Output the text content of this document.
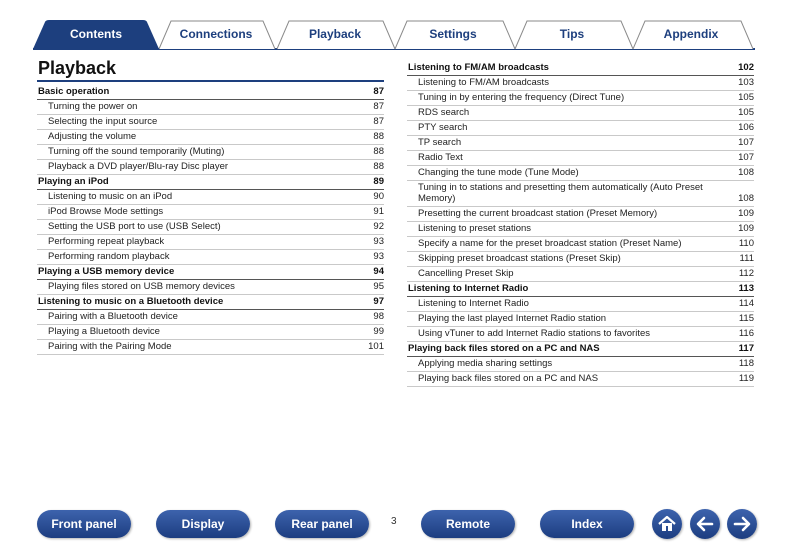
Contents	Connections	Playback	Settings	Tips	Appendix
Playback
Basic operation	87
Turning the power on	87
Selecting the input source	87
Adjusting the volume	88
Turning off the sound temporarily (Muting)	88
Playback a DVD player/Blu-ray Disc player	88
Playing an iPod	89
Listening to music on an iPod	90
iPod Browse Mode settings	91
Setting the USB port to use (USB Select)	92
Performing repeat playback	93
Performing random playback	93
Playing a USB memory device	94
Playing files stored on USB memory devices	95
Listening to music on a Bluetooth device	97
Pairing with a Bluetooth device	98
Playing a Bluetooth device	99
Pairing with the Pairing Mode	101
Listening to FM/AM broadcasts	102
Listening to FM/AM broadcasts	103
Tuning in by entering the frequency (Direct Tune)	105
RDS search	105
PTY search	106
TP search	107
Radio Text	107
Changing the tune mode (Tune Mode)	108
Tuning in to stations and presetting them automatically (Auto Preset Memory)	108
Presetting the current broadcast station (Preset Memory)	109
Listening to preset stations	109
Specify a name for the preset broadcast station (Preset Name)	110
Skipping preset broadcast stations (Preset Skip)	111
Cancelling Preset Skip	112
Listening to Internet Radio	113
Listening to Internet Radio	114
Playing the last played Internet Radio station	115
Using vTuner to add Internet Radio stations to favorites	116
Playing back files stored on a PC and NAS	117
Applying media sharing settings	118
Playing back files stored on a PC and NAS	119
Front panel	Display	Rear panel	3	Remote	Index
